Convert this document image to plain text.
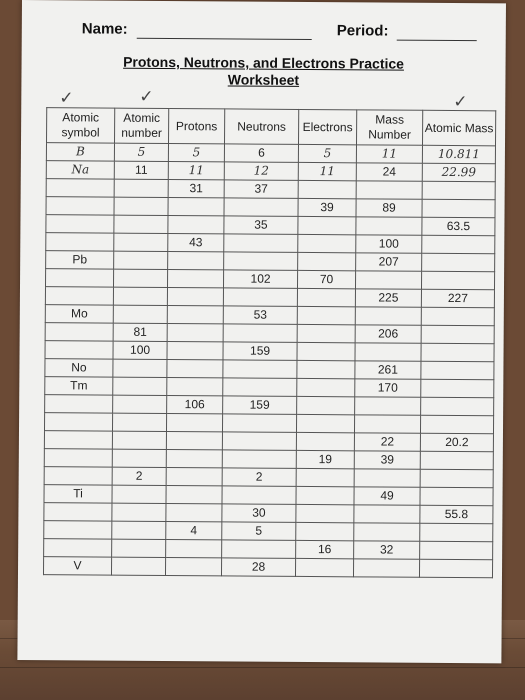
Name:	Period:
Protons, Neutrons, and Electrons Practice
Worksheet
✓	✓	✓
Atomic symbol	Atomic number	Protons	Neutrons	Electrons	Mass Number	Atomic Mass

B	5	5	6	5	11	10.811

Na	11	11	12	11	24	22.99

		31	37			

				39	89	

			35			63.5

		43			100	

Pb					207	

			102	70		

					225	227

Mo			53			

	81				206	

	100		159			

No					261	

Tm					170	

		106	159			

					22	20.2

				19	39	

	2		2			

Ti					49	

			30			55.8

		4	5			

				16	32	

V			28			
